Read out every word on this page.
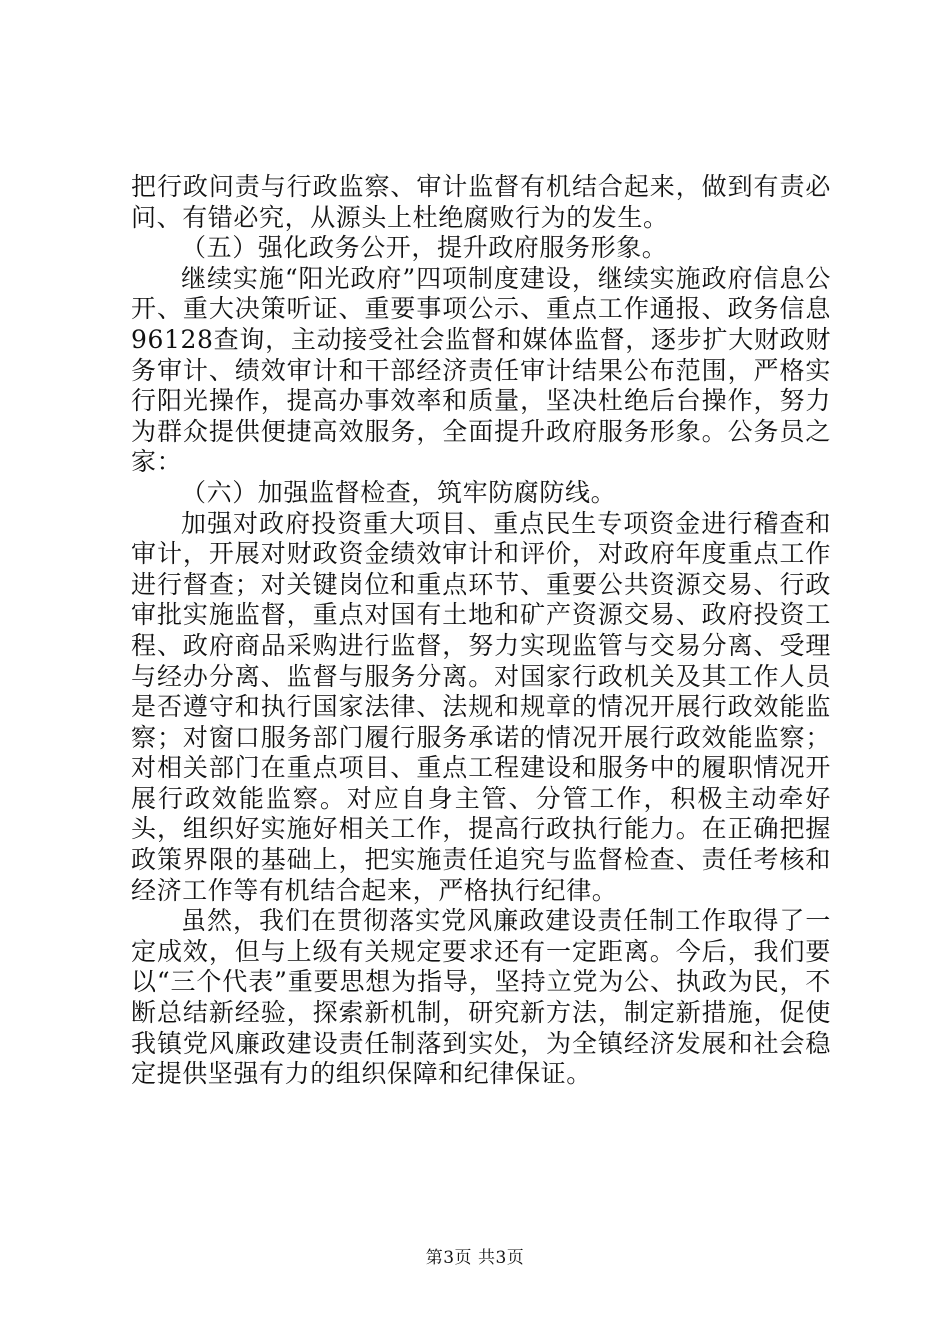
把行政问责与行政监察、审计监督有机结合起来，做到有责必问、有错必究，从源头上杜绝腐败行为的发生。

（五）强化政务公开，提升政府服务形象。

继续实施“阳光政府”四项制度建设，继续实施政府信息公开、重大决策听证、重要事项公示、重点工作通报、政务信息96128查询，主动接受社会监督和媒体监督，逐步扩大财政财务审计、绩效审计和干部经济责任审计结果公布范围，严格实行阳光操作，提高办事效率和质量，坚决杜绝后台操作，努力为群众提供便捷高效服务，全面提升政府服务形象。公务员之家：

（六）加强监督检查，筑牢防腐防线。

加强对政府投资重大项目、重点民生专项资金进行稽查和审计，开展对财政资金绩效审计和评价，对政府年度重点工作进行督查；对关键岗位和重点环节、重要公共资源交易、行政审批实施监督，重点对国有土地和矿产资源交易、政府投资工程、政府商品采购进行监督，努力实现监管与交易分离、受理与经办分离、监督与服务分离。对国家行政机关及其工作人员是否遵守和执行国家法律、法规和规章的情况开展行政效能监察；对窗口服务部门履行服务承诺的情况开展行政效能监察；对相关部门在重点项目、重点工程建设和服务中的履职情况开展行政效能监察。对应自身主管、分管工作，积极主动牵好头，组织好实施好相关工作，提高行政执行能力。在正确把握政策界限的基础上，把实施责任追究与监督检查、责任考核和经济工作等有机结合起来，严格执行纪律。

虽然，我们在贯彻落实党风廉政建设责任制工作取得了一定成效，但与上级有关规定要求还有一定距离。今后，我们要以“三个代表”重要思想为指导，坚持立党为公、执政为民，不断总结新经验，探索新机制，研究新方法，制定新措施，促使我镇党风廉政建设责任制落到实处，为全镇经济发展和社会稳定提供坚强有力的组织保障和纪律保证。

第3页 共3页
